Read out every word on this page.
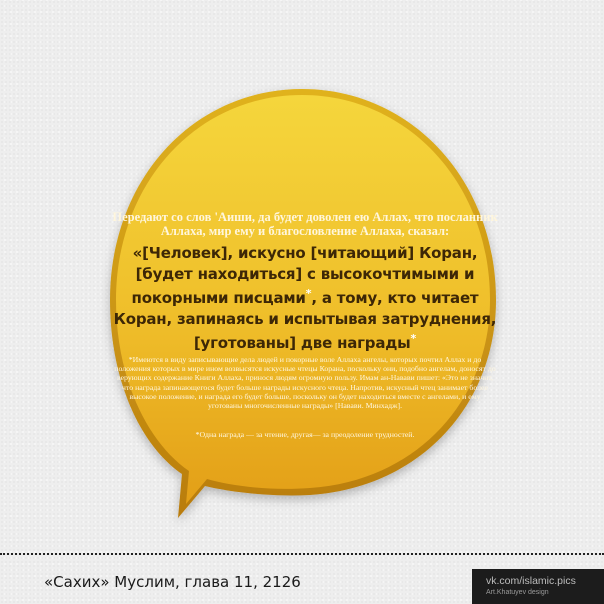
Передают со слов 'Аиши, да будет доволен ею Аллах, что посланник Аллаха, мир ему и благословление Аллаха, сказал:

«[Человек], искусно [читающий] Коран, [будет находиться] с высокочтимыми и покорными писцами*, а тому, кто читает Коран, запинаясь и испытывая затруднения, [уготованы] две награды*

*Имеются в виду записывающие дела людей и покорные воле Аллаха ангелы, которых почтил Аллах и до положения которых в мире ином возвысятся искусные чтецы Корана, поскольку они, подобно ангелам, доносят до верующих содержание Книги Аллаха, принося людям огромную пользу. Имам ан-Навави пишет: «Это не значит, что награда запинающегося будет больше награды искусного чтеца. Напротив, искусный чтец занимает более высокое положение, и награда его будет больше, поскольку он будет находиться вместе с ангелами, и ему уготованы многочисленные награды» [Навави. Минхадж].

*Одна награда — за чтение, другая— за преодоление трудностей.

«Сахих» Муслим, глава 11, 2126	vk.com/islamic.pics
Art.Khatuyev design
